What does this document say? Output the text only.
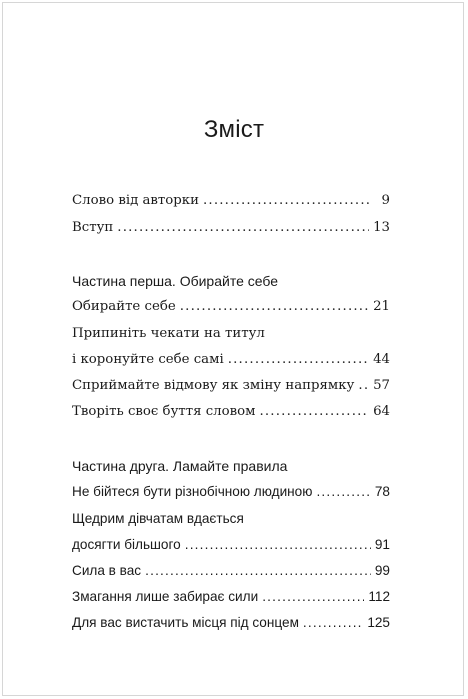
Зміст
Слово від авторки .....	9
Вступ .....	13
Частина перша. Обирайте себе
Обирайте себе .....	21
Припиніть чекати на титул
і коронуйте себе самі .....	44
Сприймайте відмову як зміну напрямку ..... 57
Творіть своє буття словом .....	64
Частина друга. Ламайте правила
Не бійтеся бути різнобічною людиною .....	78
Щедрим дівчатам вдається
досягти більшого .....	91
Сила в вас .....	99
Змагання лише забирає сили .....	112
Для вас вистачить місця під сонцем .....	125
